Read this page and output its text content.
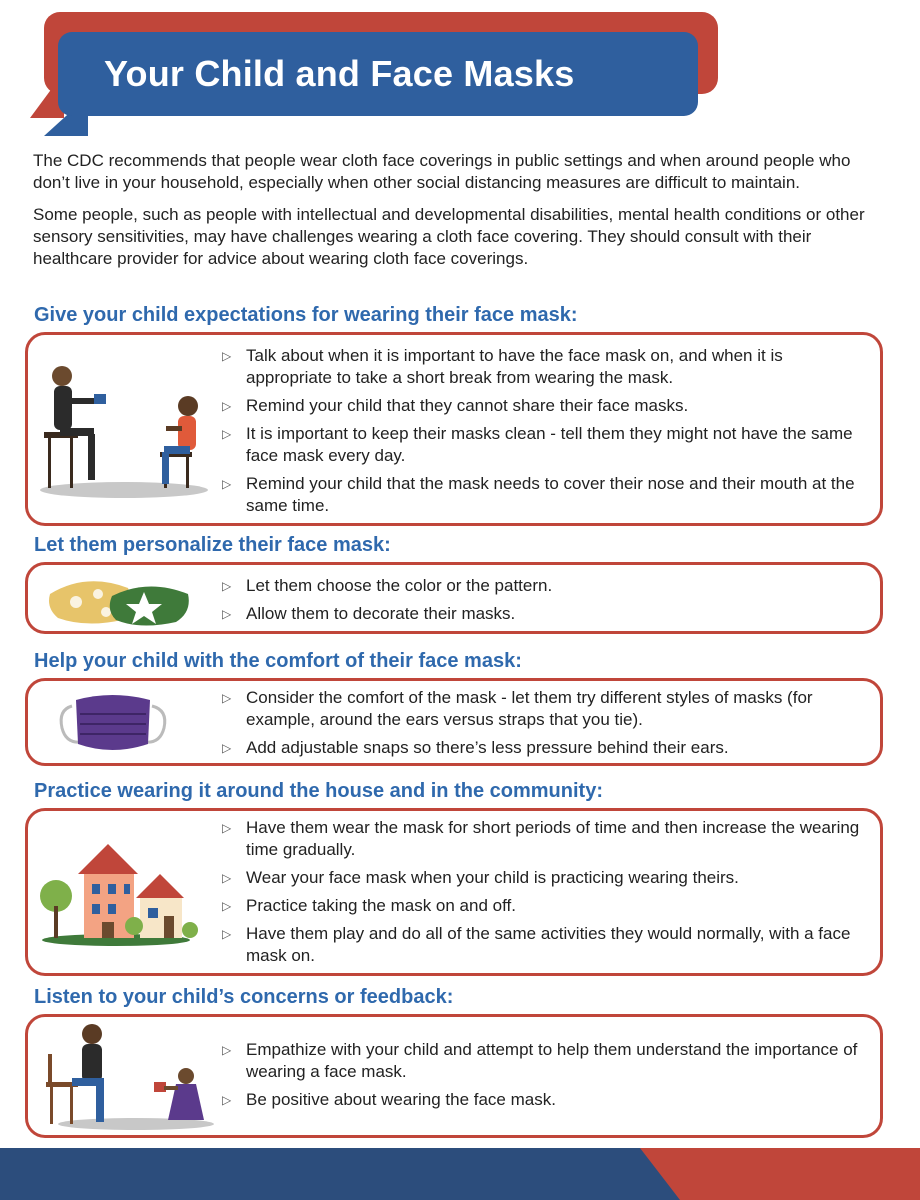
Your Child and Face Masks

The CDC recommends that people wear cloth face coverings in public settings and when around people who don’t live in your household, especially when other social distancing measures are difficult to maintain.

Some people, such as people with intellectual and developmental disabilities, mental health conditions or other sensory sensitivities, may have challenges wearing a cloth face covering. They should consult with their healthcare provider for advice about wearing cloth face coverings.

Give your child expectations for wearing their face mask:
▷ Talk about when it is important to have the face mask on, and when it is appropriate to take a short break from wearing the mask.
▷ Remind your child that they cannot share their face masks.
▷ It is important to keep their masks clean - tell them they might not have the same face mask every day.
▷ Remind your child that the mask needs to cover their nose and their mouth at the same time.
Let them personalize their face mask:
▷ Let them choose the color or the pattern.
▷ Allow them to decorate their masks.
Help your child with the comfort of their face mask:
▷ Consider the comfort of the mask - let them try different styles of masks (for example, around the ears versus straps that you tie).
▷ Add adjustable snaps so there’s less pressure behind their ears.
Practice wearing it around the house and in the community:
▷ Have them wear the mask for short periods of time and then increase the wearing time gradually.
▷ Wear your face mask when your child is practicing wearing theirs.
▷ Practice taking the mask on and off.
▷ Have them play and do all of the same activities they would normally, with a face mask on.
Listen to your child’s concerns or feedback:
▷ Empathize with your child and attempt to help them understand the importance of wearing a face mask.
▷ Be positive about wearing the face mask.
